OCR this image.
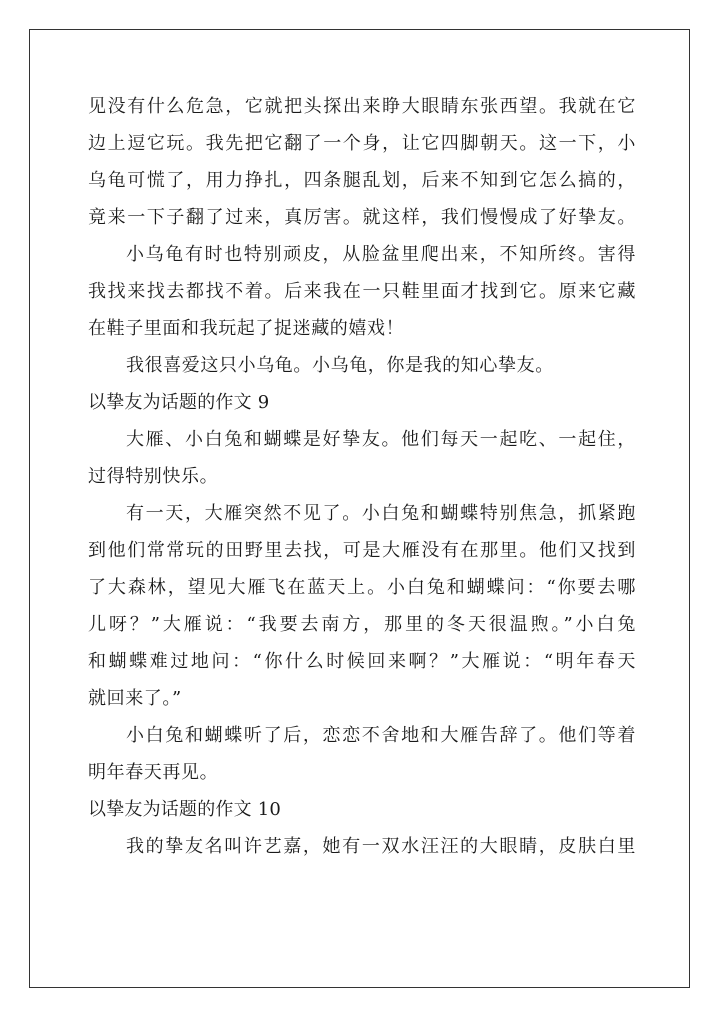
见没有什么危急，它就把头探出来睁大眼睛东张西望。我就在它
边上逗它玩。我先把它翻了一个身，让它四脚朝天。这一下，小
乌龟可慌了，用力挣扎，四条腿乱划，后来不知到它怎么搞的，
竟来一下子翻了过来，真厉害。就这样，我们慢慢成了好挚友。
小乌龟有时也特别顽皮，从脸盆里爬出来，不知所终。害得
我找来找去都找不着。后来我在一只鞋里面才找到它。原来它藏
在鞋子里面和我玩起了捉迷藏的嬉戏！
我很喜爱这只小乌龟。小乌龟，你是我的知心挚友。
以挚友为话题的作文 9
大雁、小白兔和蝴蝶是好挚友。他们每天一起吃、一起住，
过得特别快乐。
有一天，大雁突然不见了。小白兔和蝴蝶特别焦急，抓紧跑
到他们常常玩的田野里去找，可是大雁没有在那里。他们又找到
了大森林，望见大雁飞在蓝天上。小白兔和蝴蝶问：“你要去哪
儿呀？”大雁说：“我要去南方，那里的冬天很温煦。”小白兔
和蝴蝶难过地问：“你什么时候回来啊？”大雁说：“明年春天
就回来了。”
小白兔和蝴蝶听了后，恋恋不舍地和大雁告辞了。他们等着
明年春天再见。
以挚友为话题的作文 10
我的挚友名叫许艺嘉，她有一双水汪汪的大眼睛，皮肤白里
